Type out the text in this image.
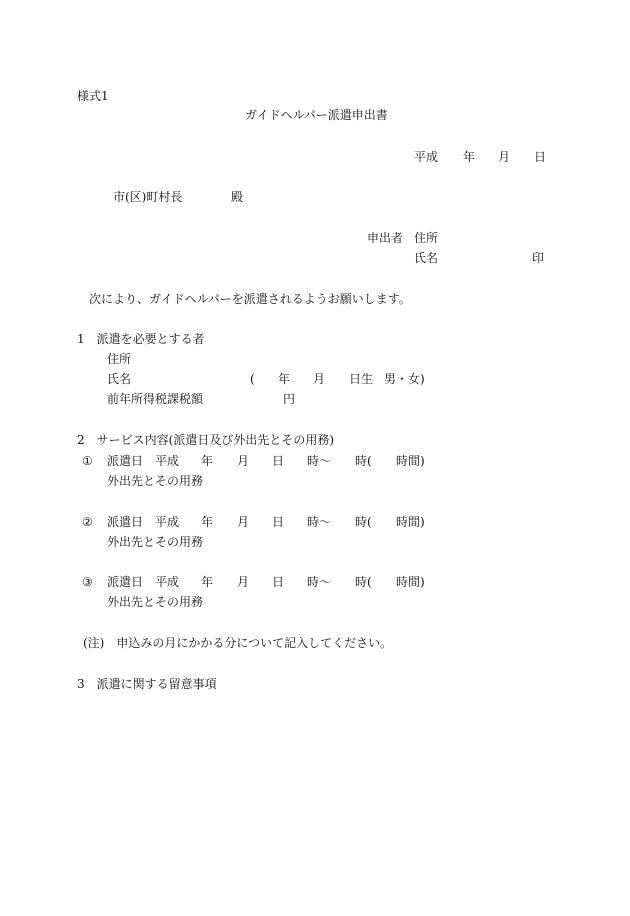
様式1
ガイドヘルパー派遣申出書
平成 年 月 日
市(区)町村長	殿
申出者 住所
氏名	印
次により、ガイドヘルパーを派遣されるようお願いします。
1　派遣を必要とする者
住所
氏名	( 年 月 日生 男・女)
前年所得税課税額	円
2　サービス内容(派遣日及び外出先とその用務)
① 派遣日 平成 年 月 日 時〜 時( 時間)
外出先とその用務
② 派遣日 平成 年 月 日 時〜 時( 時間)
外出先とその用務
③ 派遣日 平成 年 月 日 時〜 時( 時間)
外出先とその用務
(注)　申込みの月にかかる分について記入してください。
3　派遣に関する留意事項
